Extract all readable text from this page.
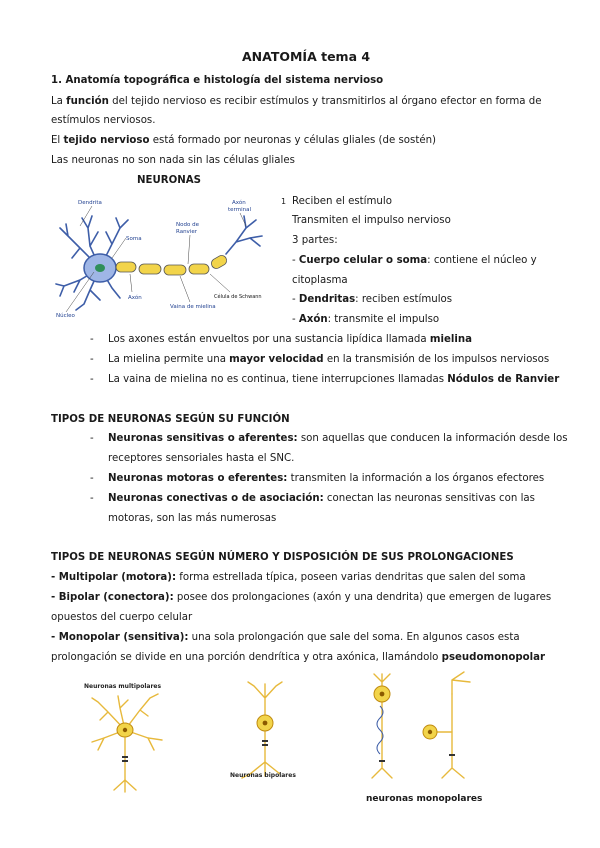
ANATOMÍA tema 4
1. Anatomía topográfica e histología del sistema nervioso
La función del tejido nervioso es recibir estímulos y transmitirlos al órgano efector en forma de
estímulos nerviosos.
El tejido nervioso está formado por neuronas y células gliales (de sostén)
Las neuronas no son nada sin las células gliales
NEURONAS
Dendrita
Soma
Nodo de
Ranvier
Axón
terminal
Axón
Vaina de mielina
Núcleo
Célula de Schwann
1 Reciben el estímulo
Transmiten el impulso nervioso
3 partes:
- Cuerpo celular o soma: contiene el núcleo y
citoplasma
- Dendritas: reciben estímulos
- Axón: transmite el impulso
- Los axones están envueltos por una sustancia lipídica llamada mielina
- La mielina permite una mayor velocidad en la transmisión de los impulsos nerviosos
- La vaina de mielina no es continua, tiene interrupciones llamadas Nódulos de Ranvier
TIPOS DE NEURONAS SEGÚN SU FUNCIÓN
- Neuronas sensitivas o aferentes: son aquellas que conducen la información desde los
receptores sensoriales hasta el SNC.
- Neuronas motoras o eferentes: transmiten la información a los órganos efectores
- Neuronas conectivas o de asociación: conectan las neuronas sensitivas con las
motoras, son las más numerosas
TIPOS DE NEURONAS SEGÚN NÚMERO Y DISPOSICIÓN DE SUS PROLONGACIONES
- Multipolar (motora): forma estrellada típica, poseen varias dendritas que salen del soma
- Bipolar (conectora): posee dos prolongaciones (axón y una dendrita) que emergen de lugares
opuestos del cuerpo celular
- Monopolar (sensitiva): una sola prolongación que sale del soma. En algunos casos esta
prolongación se divide en una porción dendrítica y otra axónica, llamándolo pseudomonopolar
Neuronas multipolares
Neuronas bipolares
neuronas monopolares
